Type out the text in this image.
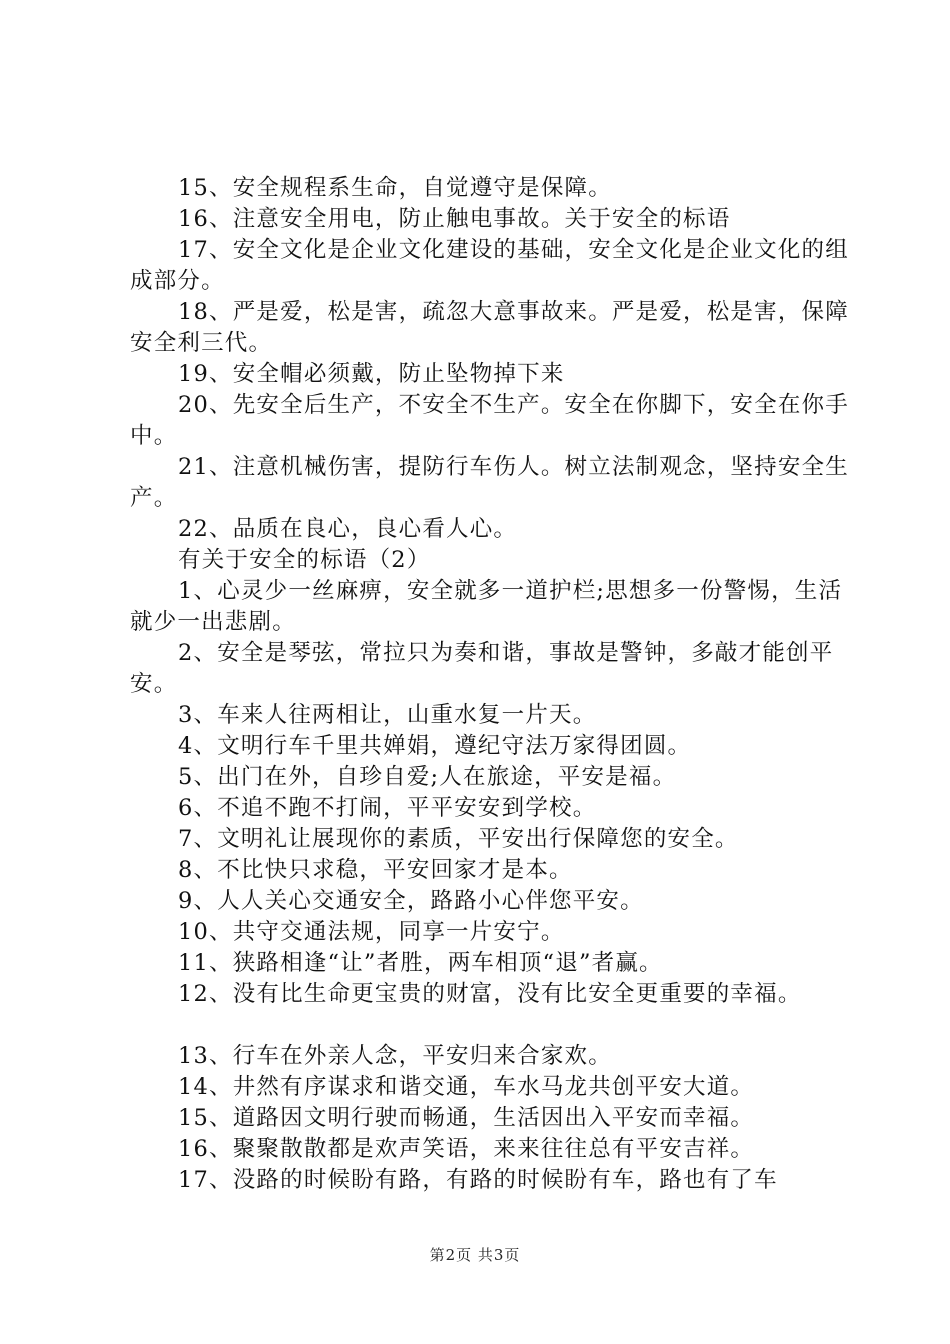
15、安全规程系生命，自觉遵守是保障。

16、注意安全用电，防止触电事故。关于安全的标语

17、安全文化是企业文化建设的基础，安全文化是企业文化的组成部分。

18、严是爱，松是害，疏忽大意事故来。严是爱，松是害，保障安全利三代。

19、安全帽必须戴，防止坠物掉下来

20、先安全后生产，不安全不生产。安全在你脚下，安全在你手中。

21、注意机械伤害，提防行车伤人。树立法制观念，坚持安全生产。

22、品质在良心，良心看人心。

有关于安全的标语（2）

1、心灵少一丝麻痹，安全就多一道护栏;思想多一份警惕，生活就少一出悲剧。

2、安全是琴弦，常拉只为奏和谐，事故是警钟，多敲才能创平安。

3、车来人往两相让，山重水复一片天。

4、文明行车千里共婵娟，遵纪守法万家得团圆。

5、出门在外，自珍自爱;人在旅途，平安是福。

6、不追不跑不打闹，平平安安到学校。

7、文明礼让展现你的素质，平安出行保障您的安全。

8、不比快只求稳，平安回家才是本。

9、人人关心交通安全，路路小心伴您平安。

10、共守交通法规，同享一片安宁。

11、狭路相逢“让”者胜，两车相顶“退”者赢。

12、没有比生命更宝贵的财富，没有比安全更重要的幸福。

13、行车在外亲人念，平安归来合家欢。

14、井然有序谋求和谐交通，车水马龙共创平安大道。

15、道路因文明行驶而畅通，生活因出入平安而幸福。

16、聚聚散散都是欢声笑语，来来往往总有平安吉祥。

17、没路的时候盼有路，有路的时候盼有车，路也有了车

第2页 共3页
